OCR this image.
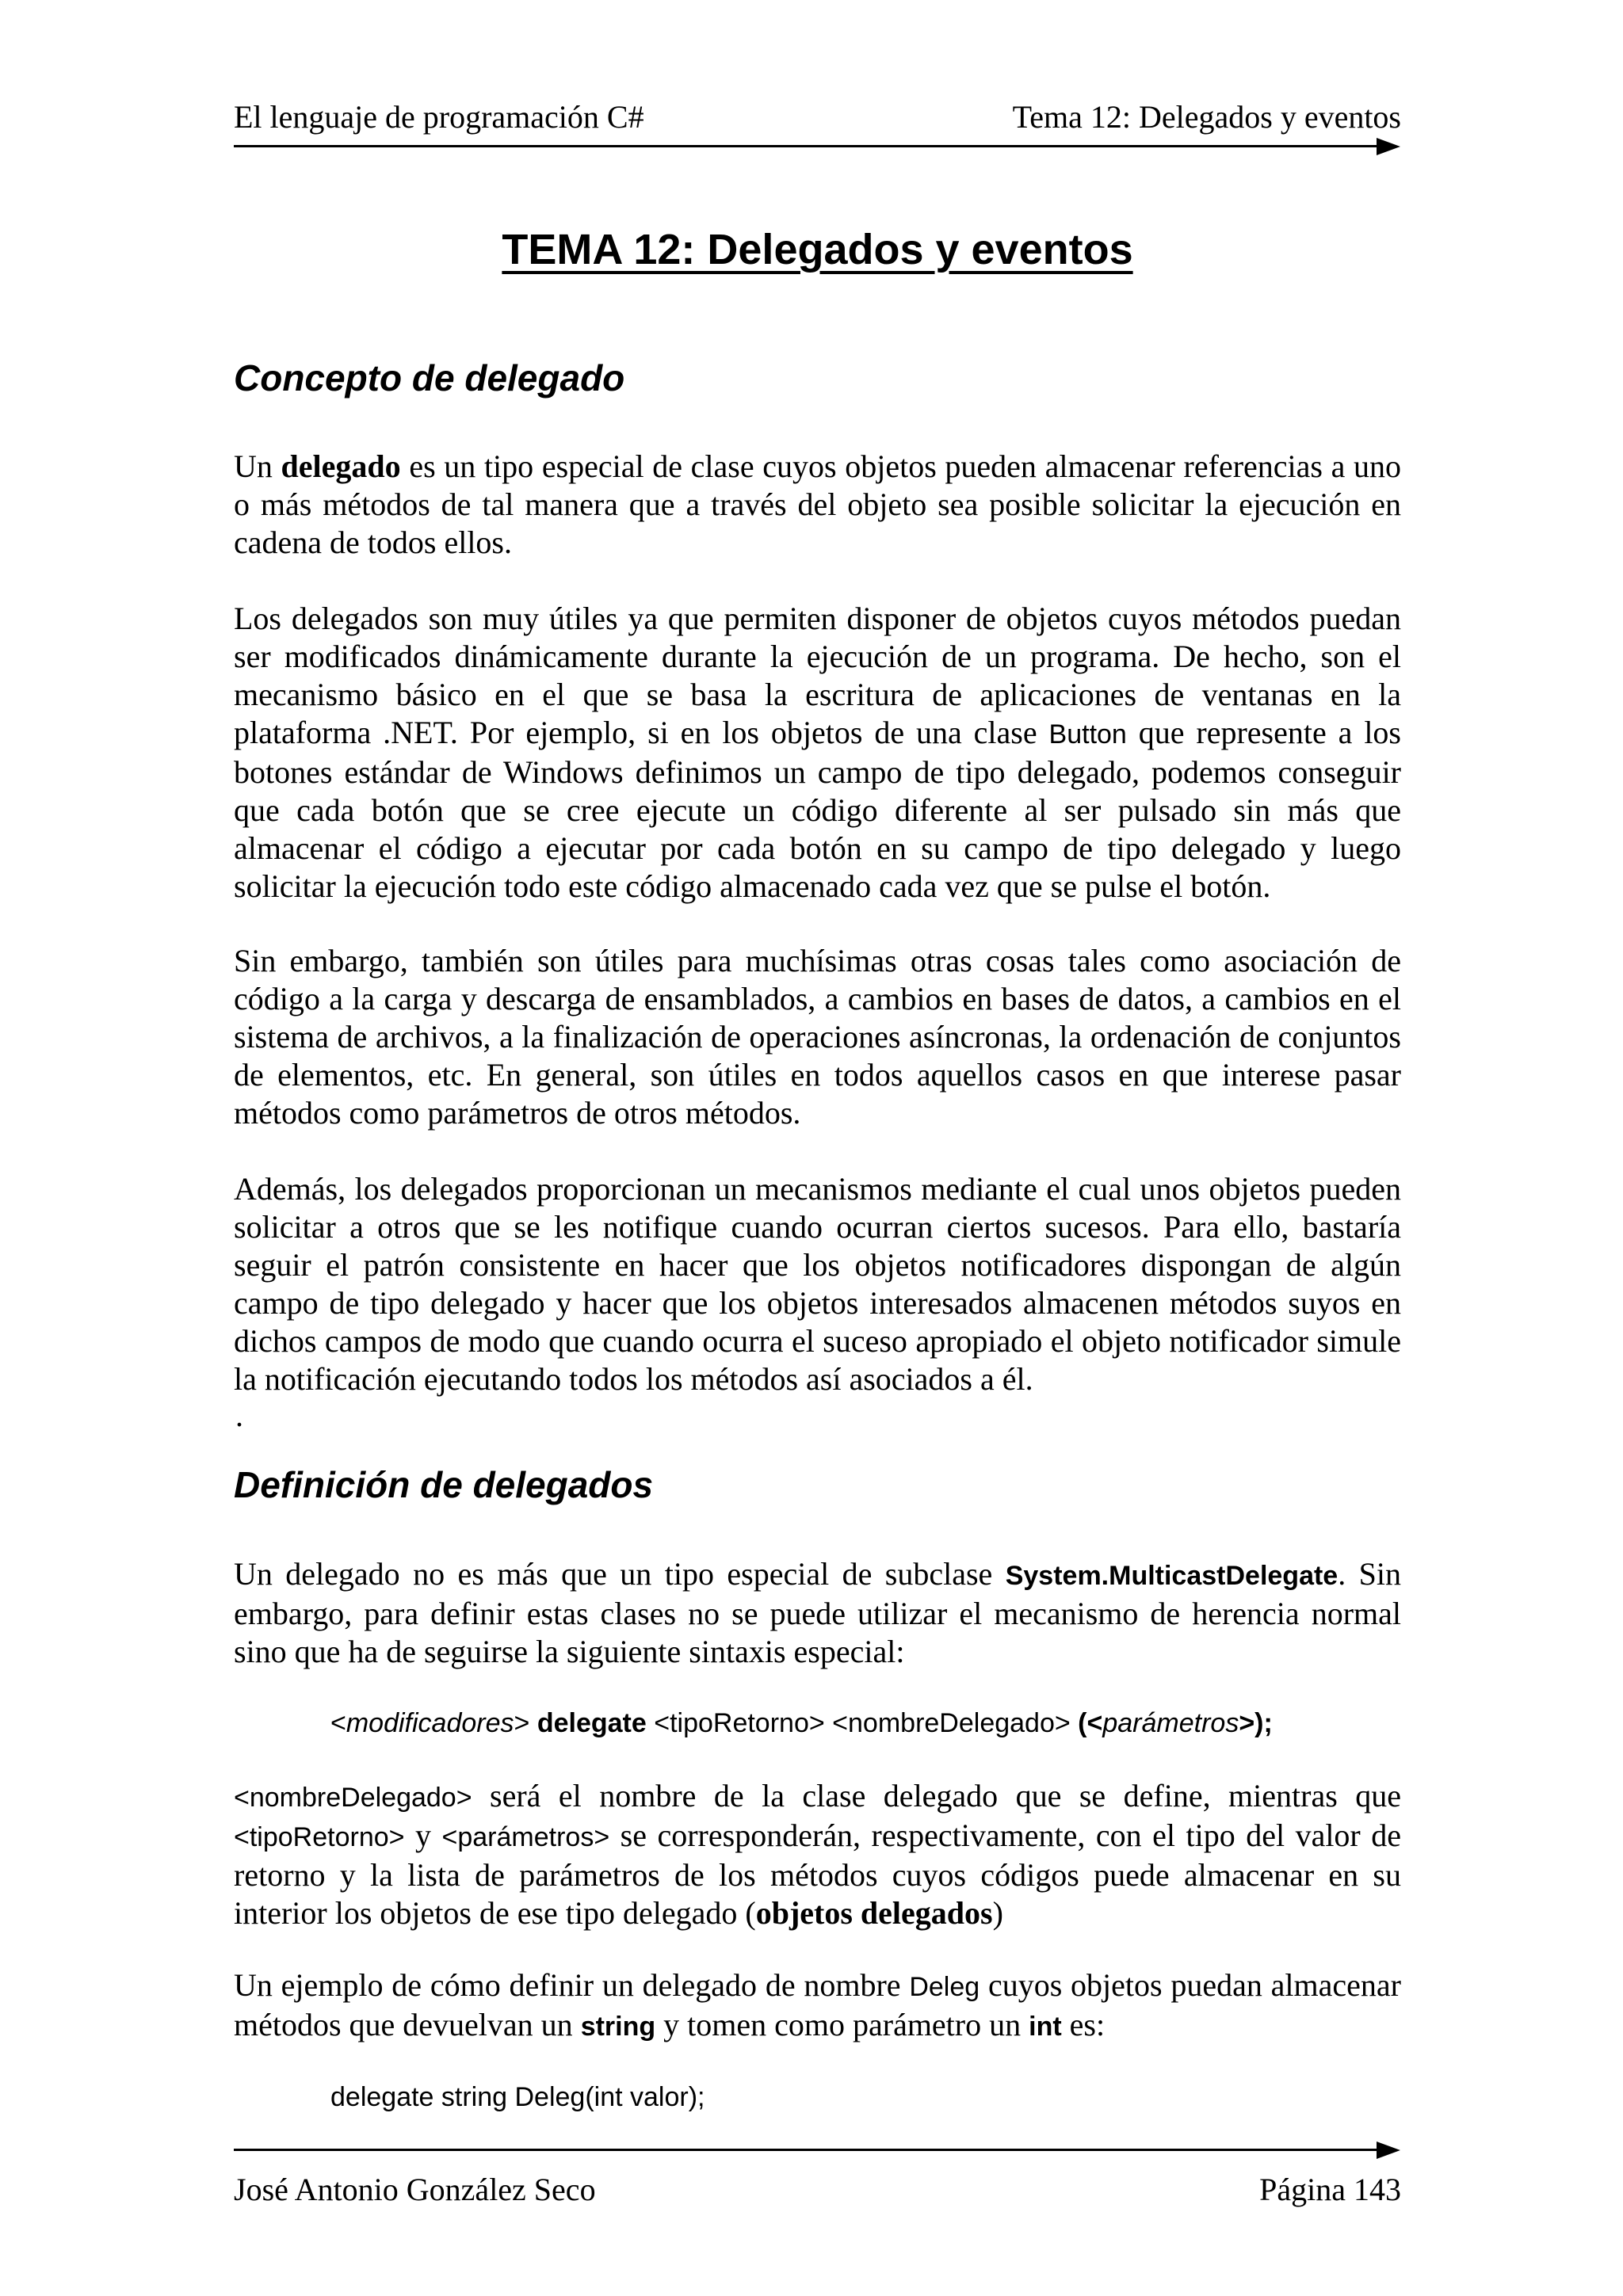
El lenguaje de programación C#	Tema 12: Delegados y eventos
TEMA 12: Delegados y eventos
Concepto de delegado

Un delegado es un tipo especial de clase cuyos objetos pueden almacenar referencias a uno o más métodos de tal manera que a través del objeto sea posible solicitar la ejecución en cadena de todos ellos.

Los delegados son muy útiles ya que permiten disponer de objetos cuyos métodos puedan ser modificados dinámicamente durante la ejecución de un programa. De hecho, son el mecanismo básico en el que se basa la escritura de aplicaciones de ventanas en la plataforma .NET. Por ejemplo, si en los objetos de una clase Button que represente a los botones estándar de Windows definimos un campo de tipo delegado, podemos conseguir que cada botón que se cree ejecute un código diferente al ser pulsado sin más que almacenar el código a ejecutar por cada botón en su campo de tipo delegado y luego solicitar la ejecución todo este código almacenado cada vez que se pulse el botón.

Sin embargo, también son útiles para muchísimas otras cosas tales como asociación de código a la carga y descarga de ensamblados, a cambios en bases de datos, a cambios en el sistema de archivos, a la finalización de operaciones asíncronas, la ordenación de conjuntos de elementos, etc. En general, son útiles en todos aquellos casos en que interese pasar métodos como parámetros de otros métodos.

Además, los delegados proporcionan un mecanismos mediante el cual unos objetos pueden solicitar a otros que se les notifique cuando ocurran ciertos sucesos. Para ello, bastaría seguir el patrón consistente en hacer que los objetos notificadores dispongan de algún campo de tipo delegado y hacer que los objetos interesados almacenen métodos suyos en dichos campos de modo que cuando ocurra el suceso apropiado el objeto notificador simule la notificación ejecutando todos los métodos así asociados a él.

.
Definición de delegados

Un delegado no es más que un tipo especial de subclase System.MulticastDelegate. Sin embargo, para definir estas clases no se puede utilizar el mecanismo de herencia normal sino que ha de seguirse la siguiente sintaxis especial:

<modificadores> delegate <tipoRetorno> <nombreDelegado> (<parámetros>);

<nombreDelegado> será el nombre de la clase delegado que se define, mientras que <tipoRetorno> y <parámetros> se corresponderán, respectivamente, con el tipo del valor de retorno y la lista de parámetros de los métodos cuyos códigos puede almacenar en su interior los objetos de ese tipo delegado (objetos delegados)

Un ejemplo de cómo definir un delegado de nombre Deleg cuyos objetos puedan almacenar métodos que devuelvan un string y tomen como parámetro un int es:

delegate string Deleg(int valor);
José Antonio González Seco	Página 143
